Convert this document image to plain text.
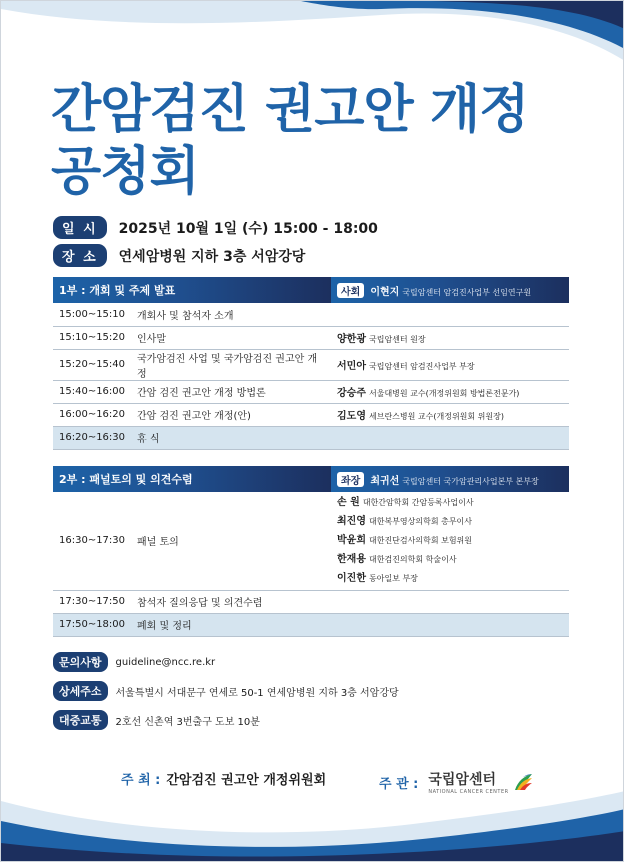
간암검진 권고안 개정
공청회
일 시	2025년 10월 1일 (수) 15:00 - 18:00
장 소	연세암병원 지하 3층 서암강당
1부 : 개회 및 주제 발표		사회 이현지 국립암센터 암검진사업부 선임연구원
15:00~15:10	개회사 및 참석자 소개	
15:10~15:20	인사말	양한광 국립암센터 원장
15:20~15:40	국가암검진 사업 및 국가암검진 권고안 개정	서민아 국립암센터 암검진사업부 부장
15:40~16:00	간암 검진 권고안 개정 방법론	강승주 서울대병원 교수(개정위원회 방법론전문가)
16:00~16:20	간암 검진 권고안 개정(안)	김도영 세브란스병원 교수(개정위원회 위원장)
16:20~16:30	휴 식	
2부 : 패널토의 및 의견수렴		좌장 최귀선 국립암센터 국가암관리사업본부 본부장
16:30~17:30	패널 토의	손 원 대한간암학회 간암등록사업이사
최진영 대한복부영상의학회 총무이사
박윤희 대한진단검사의학회 보험위원
한재용 대한검진의학회 학술이사
이진한 동아일보 부장

17:30~17:50	참석자 질의응답 및 의견수렴	
17:50~18:00	폐회 및 정리	
문의사항	guideline@ncc.re.kr
상세주소	서울특별시 서대문구 연세로 50-1 연세암병원 지하 3층 서암강당
대중교통	2호선 신촌역 3번출구 도보 10분
주 최 : 간암검진 권고안 개정위원회	주 관 : 국립암센터
NATIONAL CANCER CENTER
